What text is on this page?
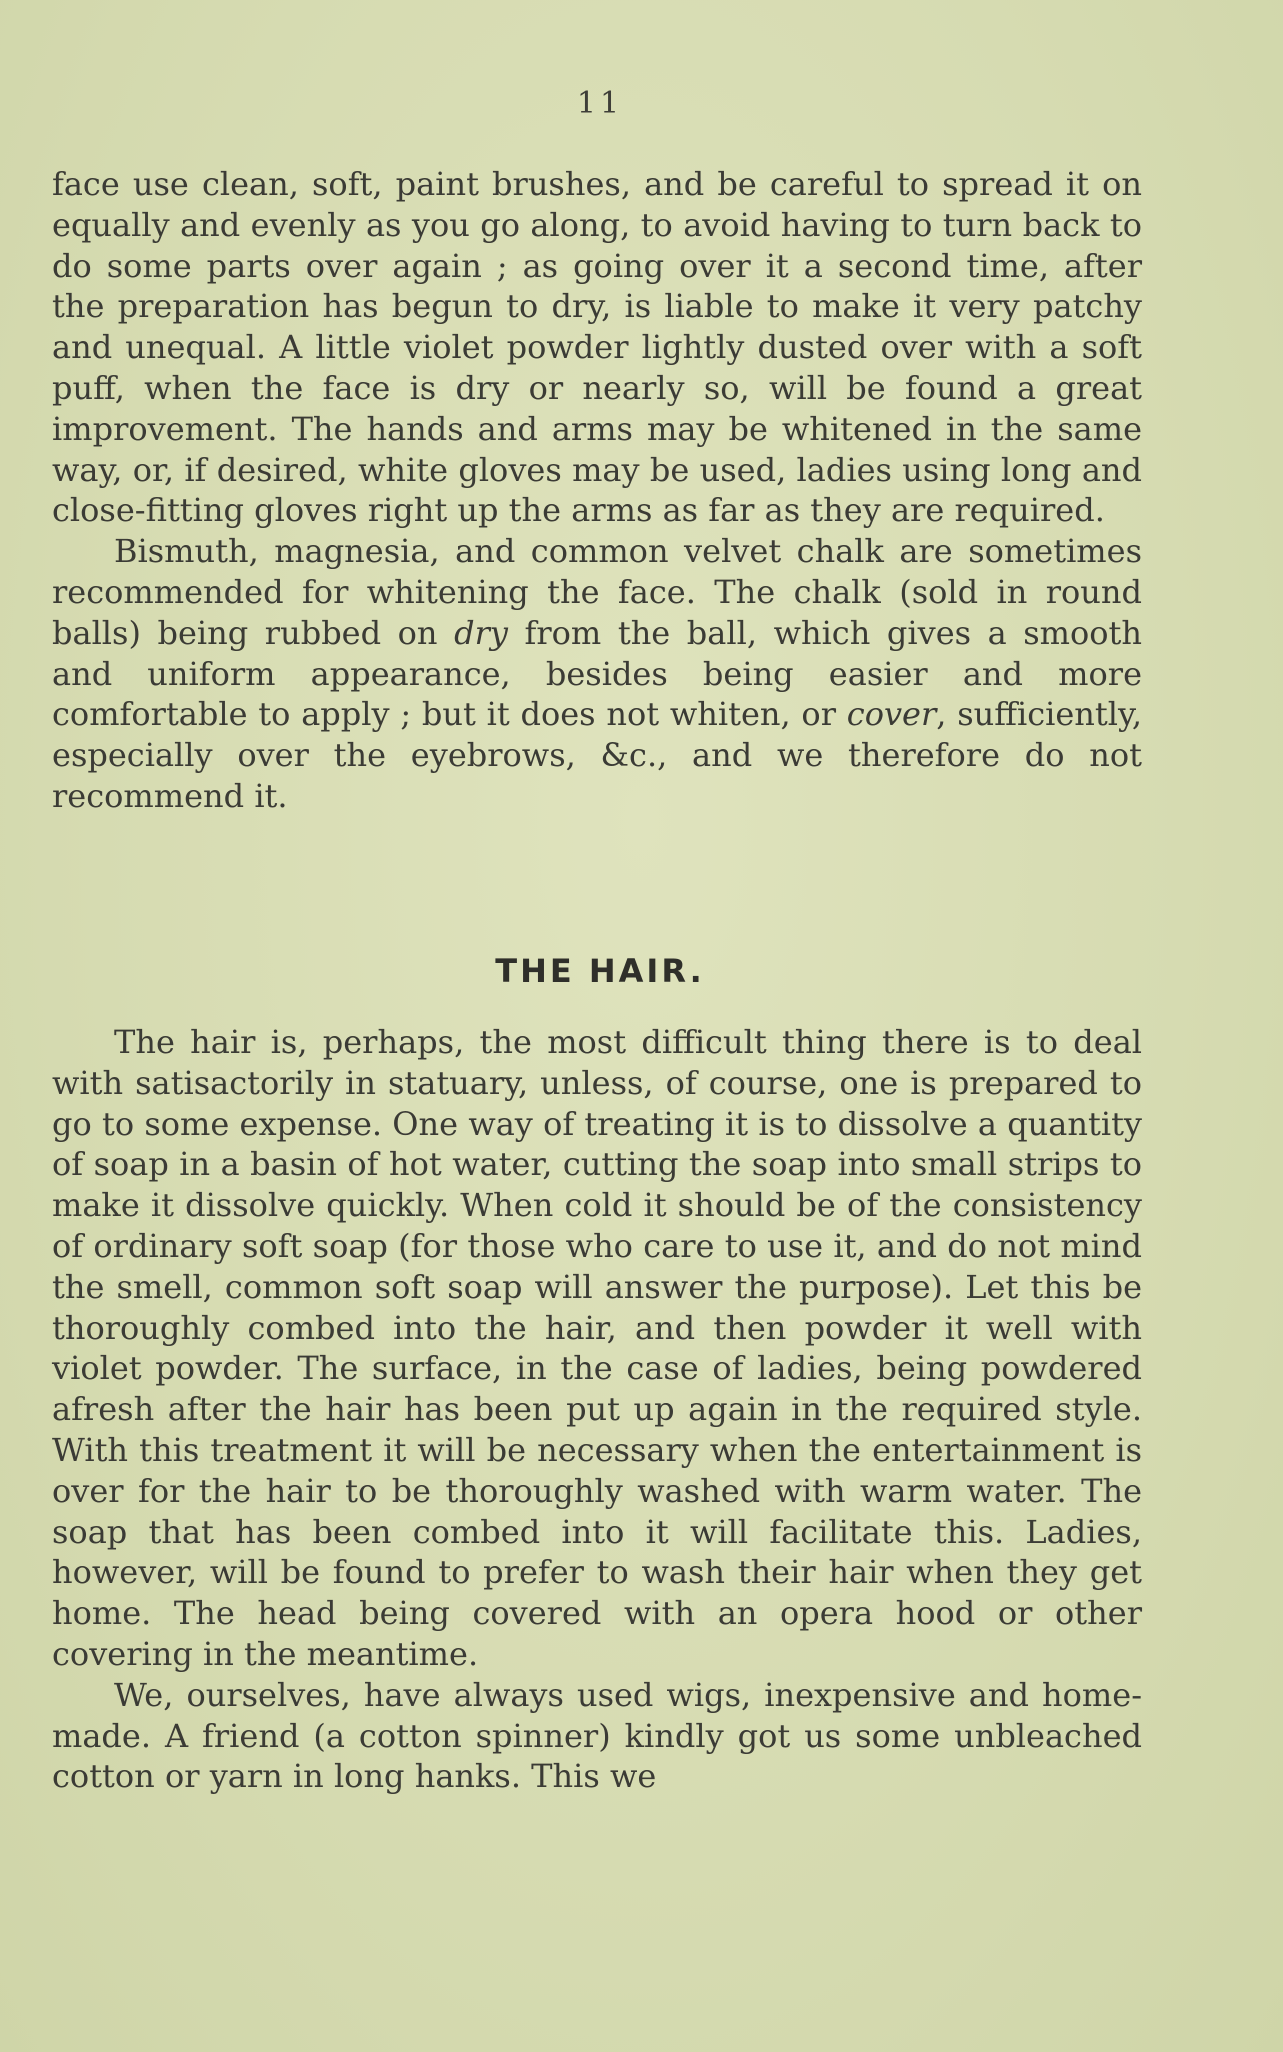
11

face use clean, soft, paint brushes, and be careful to spread it on equally and evenly as you go along, to avoid having to turn back to do some parts over again ; as going over it a second time, after the preparation has begun to dry, is liable to make it very patchy and unequal. A little violet powder lightly dusted over with a soft puff, when the face is dry or nearly so, will be found a great improvement. The hands and arms may be whitened in the same way, or, if desired, white gloves may be used, ladies using long and close-fitting gloves right up the arms as far as they are required.

Bismuth, magnesia, and common velvet chalk are sometimes recommended for whitening the face. The chalk (sold in round balls) being rubbed on dry from the ball, which gives a smooth and uniform appearance, besides being easier and more comfortable to apply ; but it does not whiten, or cover, sufficiently, especially over the eyebrows, &c., and we therefore do not recommend it.

THE HAIR.

The hair is, perhaps, the most difficult thing there is to deal with satisactorily in statuary, unless, of course, one is prepared to go to some expense. One way of treating it is to dissolve a quantity of soap in a basin of hot water, cutting the soap into small strips to make it dissolve quickly. When cold it should be of the consistency of ordinary soft soap (for those who care to use it, and do not mind the smell, common soft soap will answer the purpose). Let this be thoroughly combed into the hair, and then powder it well with violet powder. The surface, in the case of ladies, being powdered afresh after the hair has been put up again in the required style. With this treatment it will be necessary when the entertainment is over for the hair to be thoroughly washed with warm water. The soap that has been combed into it will facilitate this. Ladies, however, will be found to prefer to wash their hair when they get home. The head being covered with an opera hood or other covering in the meantime.

We, ourselves, have always used wigs, inexpensive and home-made. A friend (a cotton spinner) kindly got us some unbleached cotton or yarn in long hanks. This we
